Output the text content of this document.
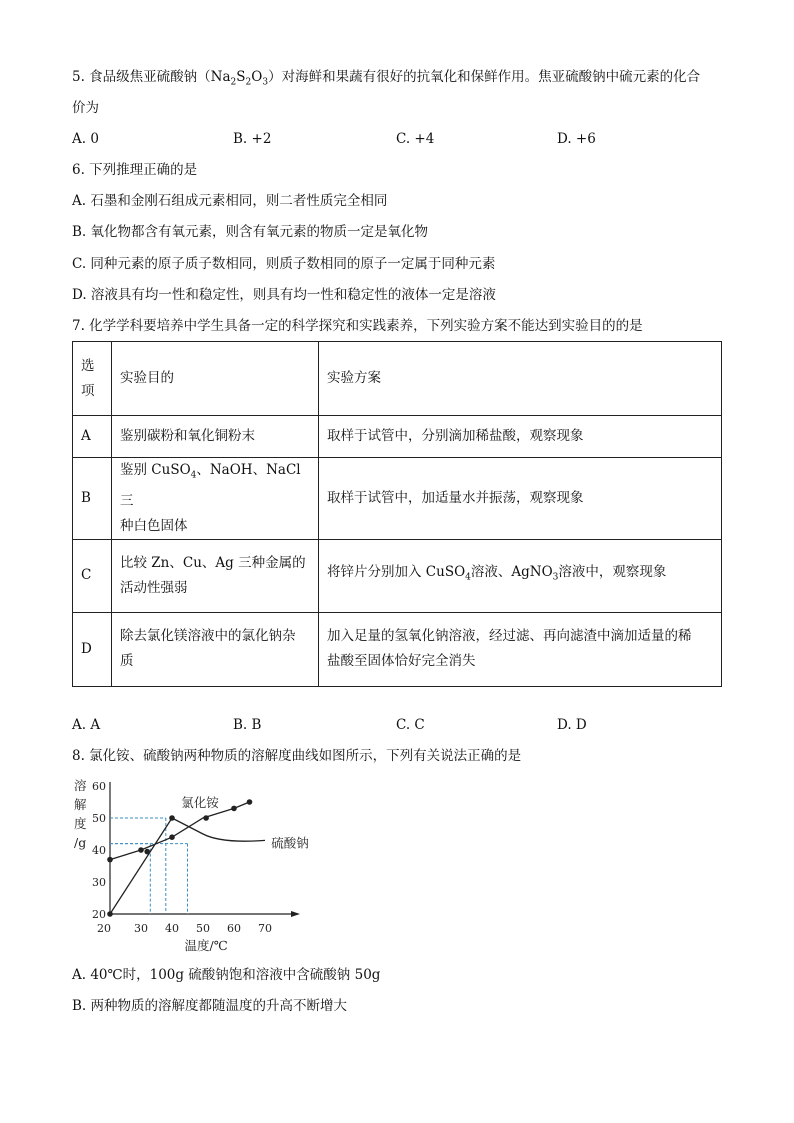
5. 食品级焦亚硫酸钠$(Na_2S_2O_3)$对海鲜和果蔬有很好的抗氧化和保鲜作用。焦亚硫酸钠中硫元素的化合
价为
A. 0	B. +2	C. +4	D. +6
6. 下列推理正确的是
A. 石墨和金刚石组成元素相同，则二者性质完全相同
B. 氧化物都含有氧元素，则含有氧元素的物质一定是氧化物
C. 同种元素的原子质子数相同，则质子数相同的原子一定属于同种元素
D. 溶液具有均一性和稳定性，则具有均一性和稳定性的液体一定是溶液
7. 化学学科要培养中学生具备一定的科学探究和实践素养，下列实验方案不能达到实验目的的是
选
项	实验目的	实验方案
A	鉴别碳粉和氧化铜粉末	取样于试管中，分别滴加稀盐酸，观察现象
B	鉴别 CuSO$_4$、NaOH、NaCl 三
种白色固体	取样于试管中，加适量水并振荡，观察现象
C	比较 Zn、Cu、Ag 三种金属的
活动性强弱	将锌片分别加入 CuSO$_4$溶液、AgNO$_3$溶液中，观察现象
D	除去氯化镁溶液中的氯化钠杂
质	加入足量的氢氧化钠溶液，经过滤、再向滤渣中滴加适量的稀
盐酸至固体恰好完全消失
A. A	B. B	C. C	D. D
8. 氯化铵、硫酸钠两种物质的溶解度曲线如图所示，下列有关说法正确的是
溶
解
度
/g
氯化铵
硫酸钠
20
30
40
50
60
20 30 40 50 60 70
温度/℃
A. 40℃时，100g 硫酸钠饱和溶液中含硫酸钠 50g
B. 两种物质的溶解度都随温度的升高不断增大
